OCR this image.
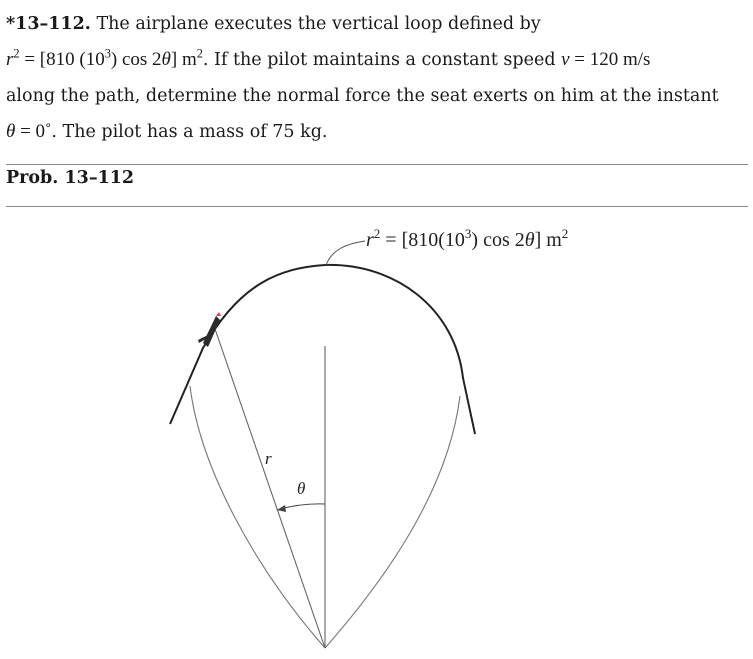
*13–112. The airplane executes the vertical loop defined by
$r^2 = [810$ $(10^3)$ cos 2θ] $m^2$. If the pilot maintains a constant speed v = 120 m/s
along the path, determine the normal force the seat exerts on him at the instant
θ = 0˚. The pilot has a mass of 75 kg.
Prob. 13–112
$r^2 = [810(10^3)$ cos 2θ] $m^2$
r
θ
